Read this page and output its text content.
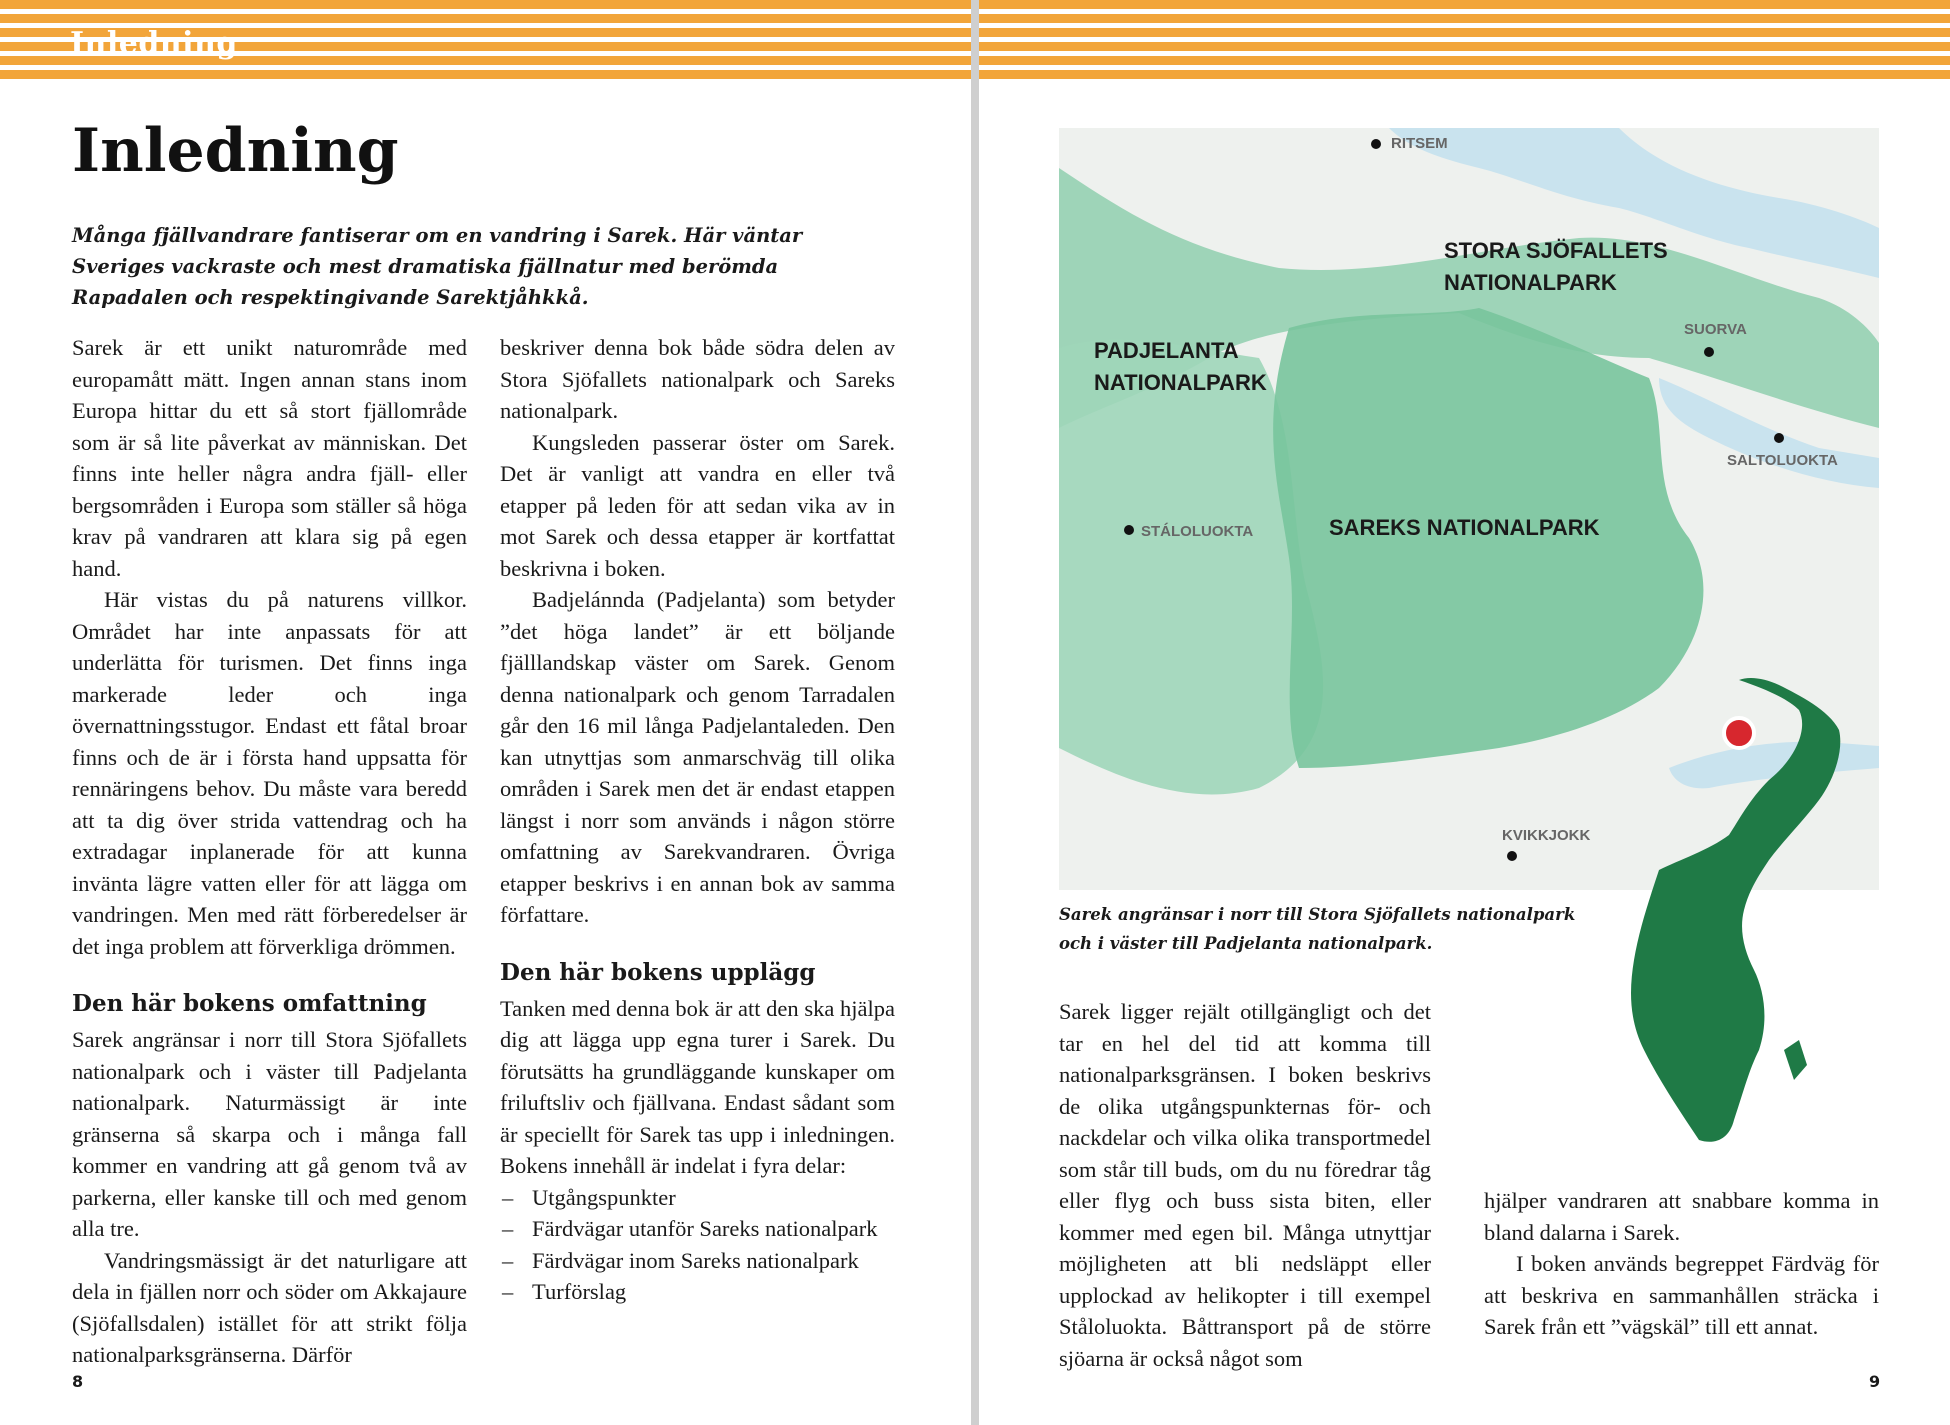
Inledning
Inledning

Många fjällvandrare fantiserar om en vandring i Sarek. Här väntar Sveriges vackraste och mest dramatiska fjällnatur med berömda Rapadalen och respektingivande Sarektjåhkkå.

Sarek är ett unikt naturområde med europamått mätt. Ingen annan stans inom Europa hittar du ett så stort fjällområde som är så lite påverkat av människan. Det finns inte heller några andra fjäll- eller bergsområden i Europa som ställer så höga krav på vandraren att klara sig på egen hand.

Här vistas du på naturens villkor. Området har inte anpassats för att underlätta för turismen. Det finns inga markerade leder och inga övernattningsstugor. Endast ett fåtal broar finns och de är i första hand uppsatta för rennäringens behov. Du måste vara beredd att ta dig över strida vattendrag och ha extradagar inplanerade för att kunna invänta lägre vatten eller för att lägga om vandringen. Men med rätt förberedelser är det inga problem att förverkliga drömmen.

Den här bokens omfattning

Sarek angränsar i norr till Stora Sjöfallets nationalpark och i väster till Padjelanta nationalpark. Naturmässigt är inte gränserna så skarpa och i många fall kommer en vandring att gå genom två av parkerna, eller kanske till och med genom alla tre.

Vandringsmässigt är det naturligare att dela in fjällen norr och söder om Akkajaure (Sjöfallsdalen) istället för att strikt följa nationalparksgränserna. Därför

beskriver denna bok både södra delen av Stora Sjöfallets nationalpark och Sareks nationalpark.

Kungsleden passerar öster om Sarek. Det är vanligt att vandra en eller två etapper på leden för att sedan vika av in mot Sarek och dessa etapper är kortfattat beskrivna i boken.

Badjelánnda (Padjelanta) som betyder ”det höga landet” är ett böljande fjälllandskap väster om Sarek. Genom denna nationalpark och genom Tarradalen går den 16 mil långa Padjelantaleden. Den kan utnyttjas som anmarschväg till olika områden i Sarek men det är endast etappen längst i norr som används i någon större omfattning av Sarekvandraren. Övriga etapper beskrivs i en annan bok av samma författare.

Den här bokens upplägg

Tanken med denna bok är att den ska hjälpa dig att lägga upp egna turer i Sarek. Du förutsätts ha grundläggande kunskaper om friluftsliv och fjällvana. Endast sådant som är speciellt för Sarek tas upp i inledningen. Bokens innehåll är indelat i fyra delar:

– Utgångspunkter
– Färdvägar utanför Sareks nationalpark
– Färdvägar inom Sareks nationalpark
– Turförslag
8
STORA SJÖFALLETS
NATIONALPARK
PADJELANTA
NATIONALPARK
SAREKS NATIONALPARK
RITSEM
SUORVA
SALTOLUOKTA
STÁLOLUOKTA
KVIKKJOKK

Sarek angränsar i norr till Stora Sjöfallets nationalpark och i väster till Padjelanta nationalpark.

Sarek ligger rejält otillgängligt och det tar en hel del tid att komma till nationalparksgränsen. I boken beskrivs de olika utgångspunkternas för- och nackdelar och vilka olika transportmedel som står till buds, om du nu föredrar tåg eller flyg och buss sista biten, eller kommer med egen bil. Många utnyttjar möjligheten att bli nedsläppt eller upplockad av helikopter i till exempel Ståloluokta. Båttransport på de större sjöarna är också något som

hjälper vandraren att snabbare komma in bland dalarna i Sarek.

I boken används begreppet Färdväg för att beskriva en sammanhållen sträcka i Sarek från ett ”vägskäl” till ett annat.

9
